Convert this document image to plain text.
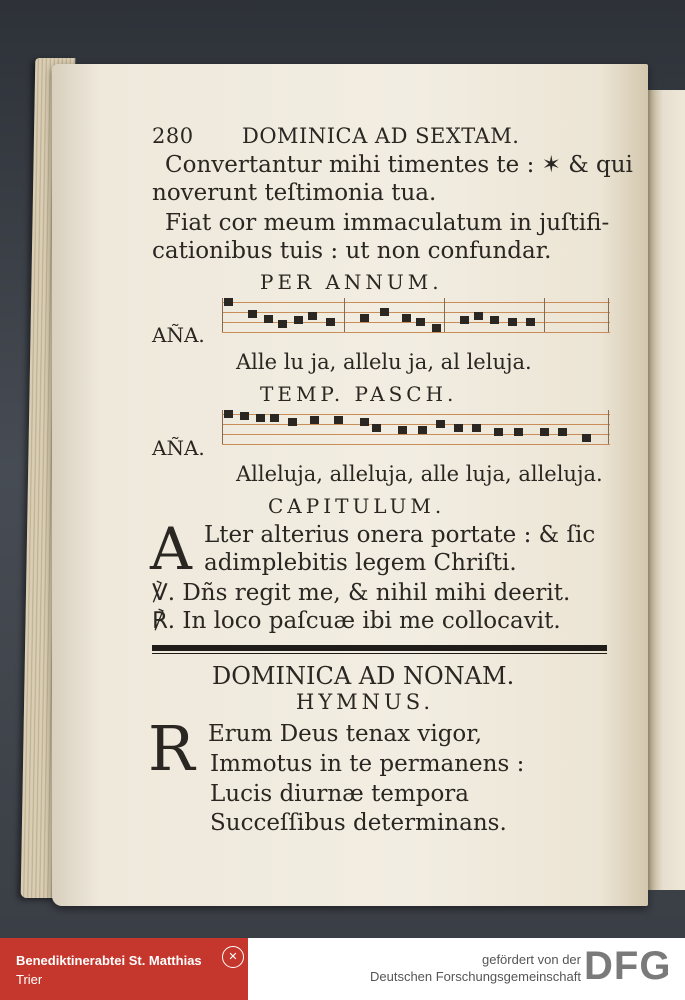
280 DOMINICA AD SEXTAM.
Convertantur mihi timentes te : ✶ & qui
noverunt teſtimonia tua.
Fiat cor meum immaculatum in juſtifi-
cationibus tuis : ut non confundar.
PER ANNUM.
AÑA.
Alle lu ja, allelu ja, al leluja.
TEMP. PASCH.
AÑA.
Alleluja, alleluja, alle luja, alleluja.
CAPITULUM.
A Lter alterius onera portate : & ſic
adimplebitis legem Chriſti.
℣. Dñs regit me, & nihil mihi deerit.
℟. In loco paſcuæ ibi me collocavit.
DOMINICA AD NONAM.
HYMNUS.
R Erum Deus tenax vigor,
Immotus in te permanens :
Lucis diurnæ tempora
Succeſſibus determinans.
Benediktinerabtei St. Matthias
Trier
✕	gefördert von der
Deutschen Forschungsgemeinschaft DFG
